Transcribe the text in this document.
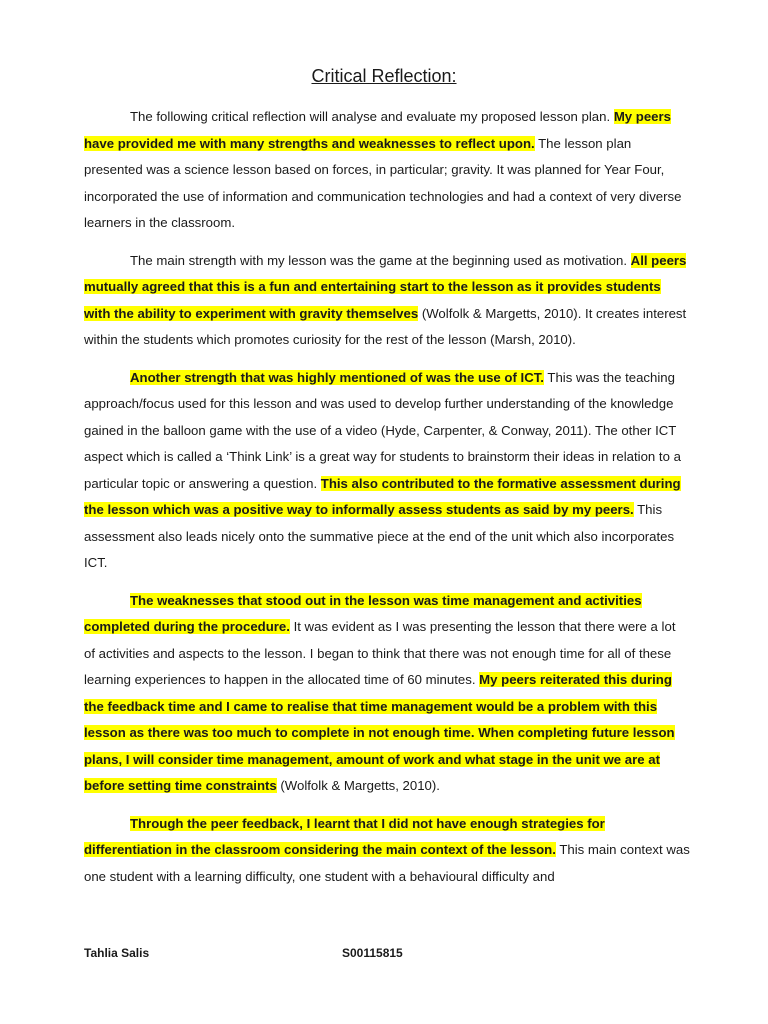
Critical Reflection:

The following critical reflection will analyse and evaluate my proposed lesson plan. My peers have provided me with many strengths and weaknesses to reflect upon. The lesson plan presented was a science lesson based on forces, in particular; gravity. It was planned for Year Four, incorporated the use of information and communication technologies and had a context of very diverse learners in the classroom.

The main strength with my lesson was the game at the beginning used as motivation. All peers mutually agreed that this is a fun and entertaining start to the lesson as it provides students with the ability to experiment with gravity themselves (Wolfolk & Margetts, 2010). It creates interest within the students which promotes curiosity for the rest of the lesson (Marsh, 2010).

Another strength that was highly mentioned of was the use of ICT. This was the teaching approach/focus used for this lesson and was used to develop further understanding of the knowledge gained in the balloon game with the use of a video (Hyde, Carpenter, & Conway, 2011). The other ICT aspect which is called a ‘Think Link’ is a great way for students to brainstorm their ideas in relation to a particular topic or answering a question. This also contributed to the formative assessment during the lesson which was a positive way to informally assess students as said by my peers. This assessment also leads nicely onto the summative piece at the end of the unit which also incorporates ICT.

The weaknesses that stood out in the lesson was time management and activities completed during the procedure. It was evident as I was presenting the lesson that there were a lot of activities and aspects to the lesson. I began to think that there was not enough time for all of these learning experiences to happen in the allocated time of 60 minutes. My peers reiterated this during the feedback time and I came to realise that time management would be a problem with this lesson as there was too much to complete in not enough time. When completing future lesson plans, I will consider time management, amount of work and what stage in the unit we are at before setting time constraints (Wolfolk & Margetts, 2010).

Through the peer feedback, I learnt that I did not have enough strategies for differentiation in the classroom considering the main context of the lesson. This main context was one student with a learning difficulty, one student with a behavioural difficulty and

Tahlia Salis	S00115815
